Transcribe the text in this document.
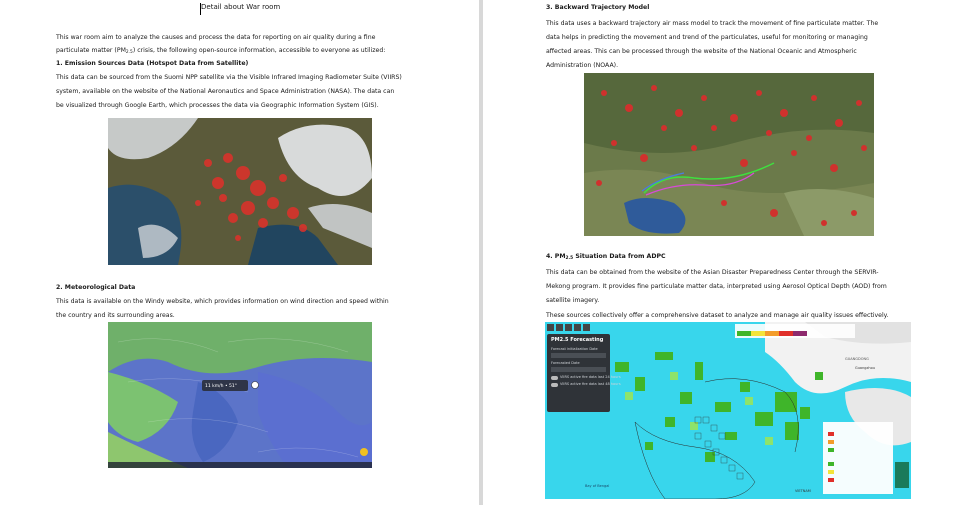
Detail about War room
This war room aim to analyze the causes and process the data for reporting on air quality during a fine
particulate matter $(PM_{2.5})$ crisis, the following open-source information, accessible to everyone as utilized:
1. Emission Sources Data (Hotspot Data from Satellite)
This data can be sourced from the Suomi NPP satellite via the Visible Infrared Imaging Radiometer Suite (VIIRS)
system, available on the website of the National Aeronautics and Space Administration (NASA). The data can
be visualized through Google Earth, which processes the data via Geographic Information System (GIS).
2. Meteorological Data
This data is available on the Windy website, which provides information on wind direction and speed within
the country and its surrounding areas.
11 km/h • 51°
3. Backward Trajectory Model
This data uses a backward trajectory air mass model to track the movement of fine particulate matter. The
data helps in predicting the movement and trend of the particulates, useful for monitoring or managing
affected areas. This can be processed through the website of the National Oceanic and Atmospheric
Administration (NOAA).
4. $PM_{2.5}$ Situation Data from ADPC
This data can be obtained from the website of the Asian Disaster Preparedness Center through the SERVIR-
Mekong program. It provides fine particulate matter data, interpreted using Aerosol Optical Depth (AOD) from
satellite imagery.
These sources collectively offer a comprehensive dataset to analyze and manage air quality issues effectively.
PM2.5 Forecasting
Forecast initialization Date
Forecasted Date
VIIRS active fire data last 24 hours
VIIRS active fire data last 48 hours
GUANGDONG
Guangzhou
Bay of Bengal
VIETNAM
